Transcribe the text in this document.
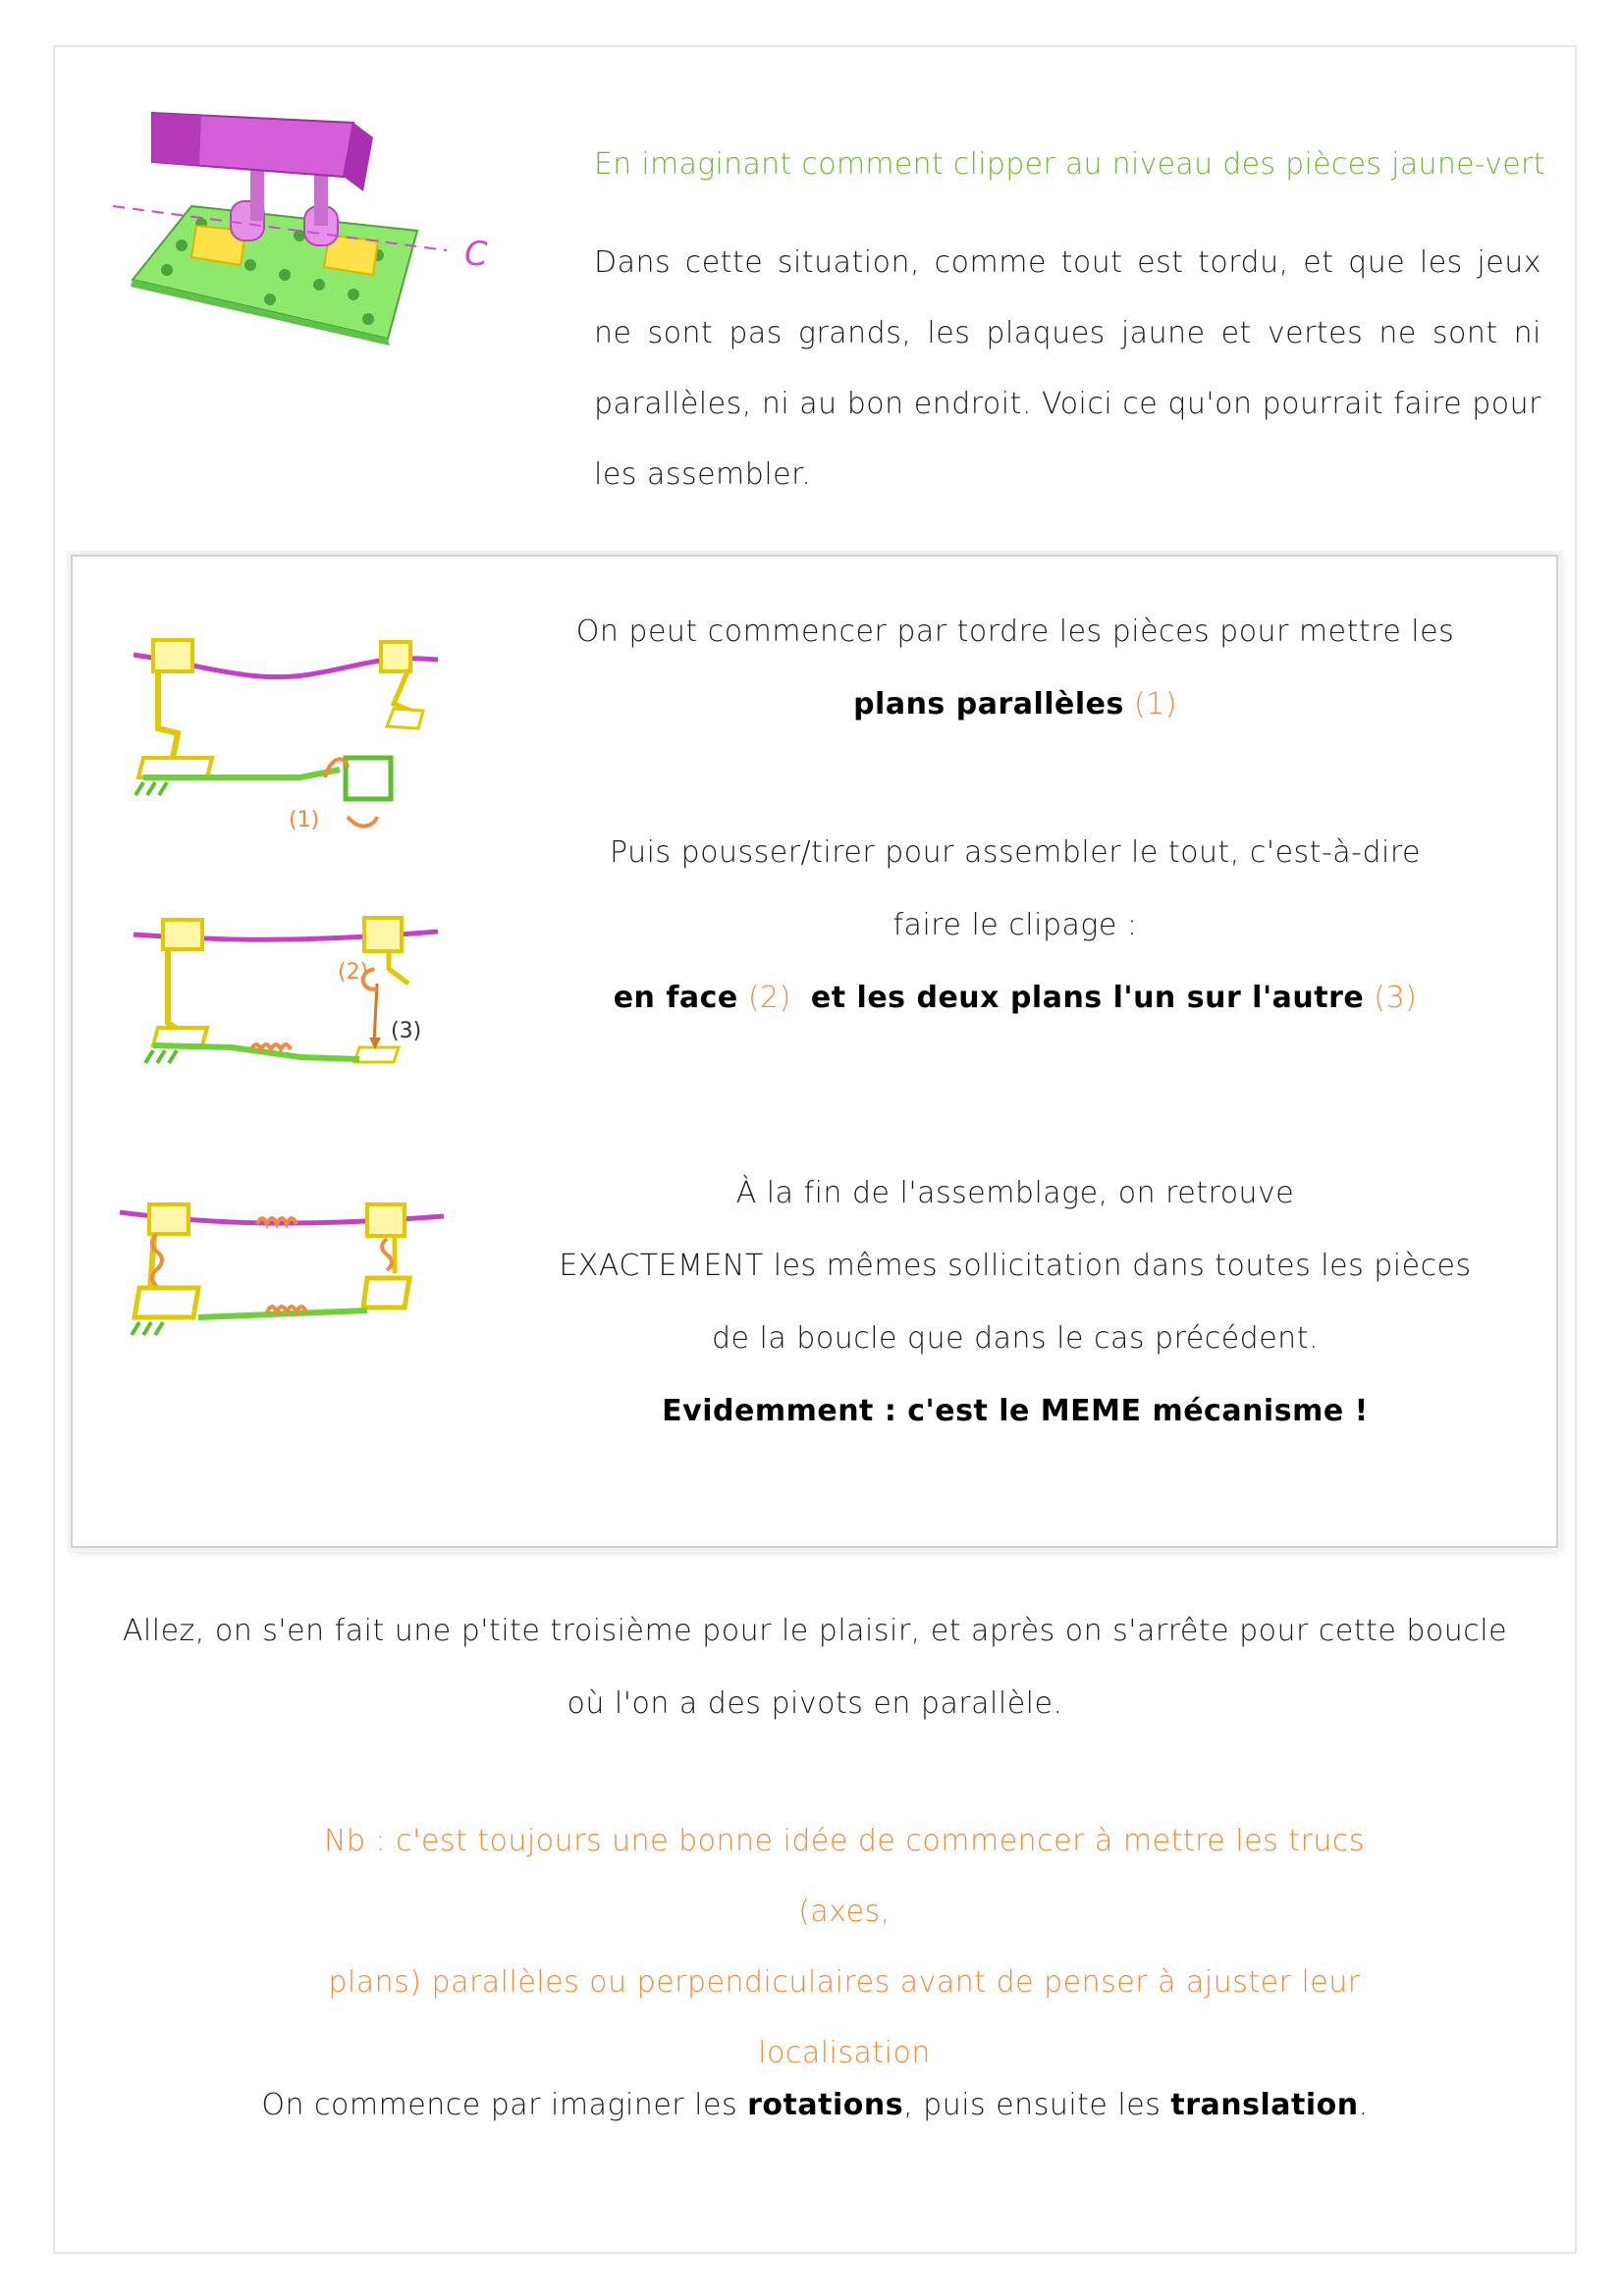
C
En imaginant comment clipper au niveau des pièces jaune-vert
Dans cette situation, comme tout est tordu, et que les jeux ne sont pas grands, les plaques jaune et vertes ne sont ni parallèles, ni au bon endroit. Voici ce qu'on pourrait faire pour les assembler.
(1)
On peut commencer par tordre les pièces pour mettre les
plans parallèles (1)
(2)
(3)
Puis pousser/tirer pour assembler le tout, c'est-à-dire
faire le clipage :
en face (2) et les deux plans l'un sur l'autre (3)
À la fin de l'assemblage, on retrouve
EXACTEMENT les mêmes sollicitation dans toutes les pièces
de la boucle que dans le cas précédent.
Evidemment : c'est le MEME mécanisme !
Allez, on s'en fait une p'tite troisième pour le plaisir, et après on s'arrête pour cette boucle
où l'on a des pivots en parallèle.
Nb : c'est toujours une bonne idée de commencer à mettre les trucs (axes,
plans) parallèles ou perpendiculaires avant de penser à ajuster leur
localisation
On commence par imaginer les rotations, puis ensuite les translation.
